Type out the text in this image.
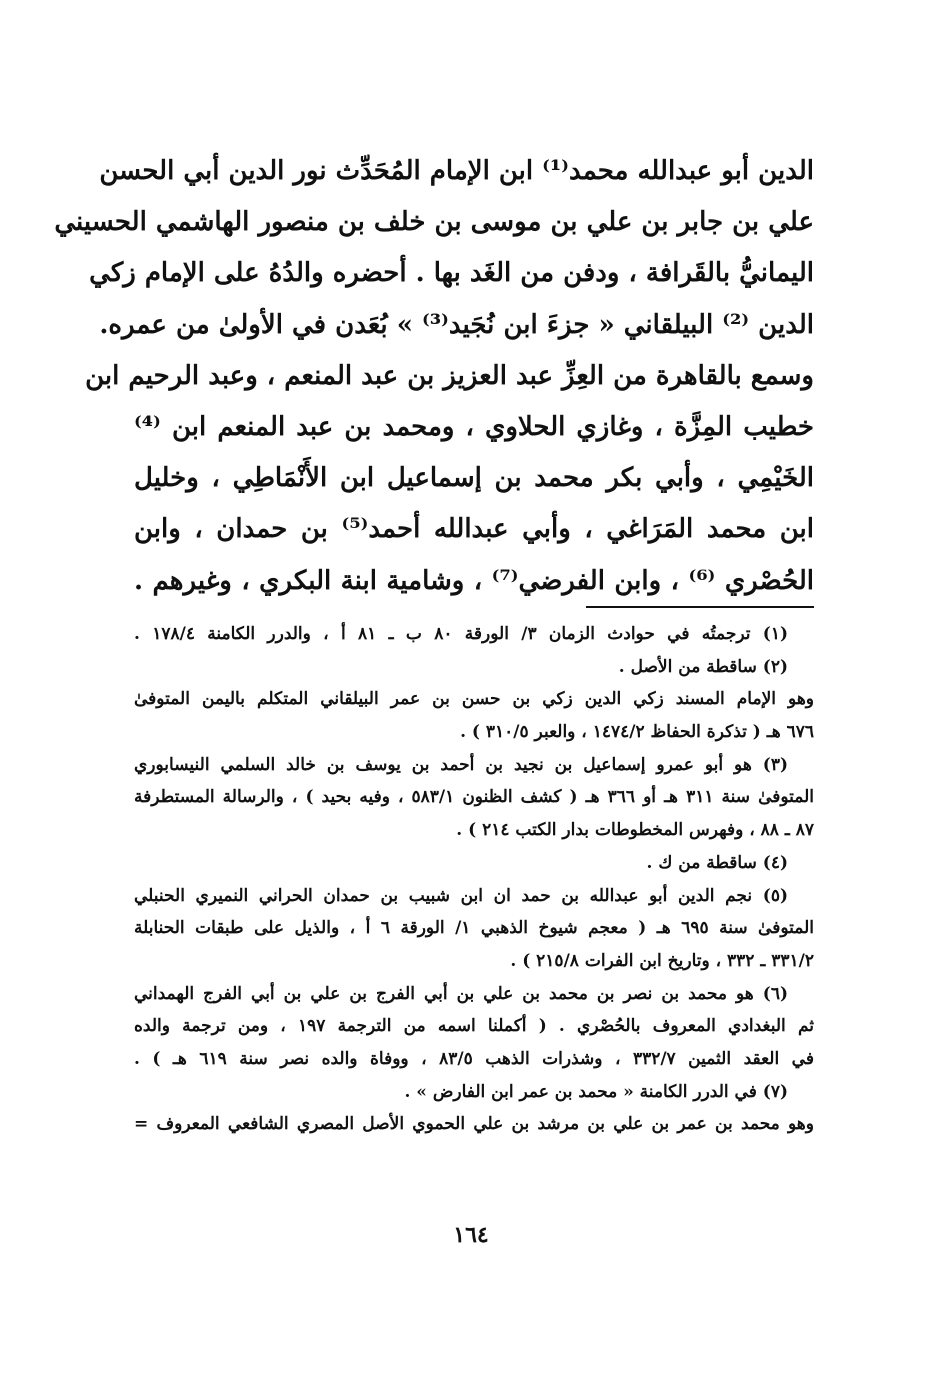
الدين أبو عبدالله محمد⁽¹⁾ ابن الإمام المُحَدِّث نور الدين أبي الحسن
علي بن جابر بن علي بن موسى بن خلف بن منصور الهاشمي الحسيني
اليمانيُّ بالقَرافة ، ودفن من الغَد بها . أحضره والدُهُ على الإمام زكي
الدين ⁽²⁾ البيلقاني « جزءَ ابن نُجَيد⁽³⁾ » بُعَدن في الأولىٰ من عمره.
وسمع بالقاهرة من العِزِّ عبد العزيز بن عبد المنعم ، وعبد الرحيم ابن
خطيب المِزَّة ، وغازي الحلاوي ، ومحمد بن عبد المنعم ابن ⁽⁴⁾
الخَيْمِي ، وأبي بكر محمد بن إسماعيل ابن الأَنْمَاطِي ، وخليل
ابن محمد المَرَاغي ، وأبي عبدالله أحمد⁽⁵⁾ بن حمدان ، وابن
الحُصْري ⁽⁶⁾ ، وابن الفرضي⁽⁷⁾ ، وشامية ابنة البكري ، وغيرهم .
(١) ترجمتُه في حوادث الزمان ٣/ الورقة ٨٠ ب ـ ٨١ أ ، والدرر الكامنة ١٧٨/٤ .
(٢) ساقطة من الأصل .
وهو الإمام المسند زكي الدين زكي بن حسن بن عمر البيلقاني المتكلم باليمن المتوفىٰ
٦٧٦ هـ ( تذكرة الحفاظ ١٤٧٤/٢ ، والعبر ٣١٠/٥ ) .
(٣) هو أبو عمرو إسماعيل بن نجيد بن أحمد بن يوسف بن خالد السلمي النيسابوري
المتوفىٰ سنة ٣١١ هـ أو ٣٦٦ هـ ( كشف الظنون ٥٨٣/١ ، وفيه بحيد ) ، والرسالة المستطرفة
٨٧ ـ ٨٨ ، وفهرس المخطوطات بدار الكتب ٢١٤ ) .
(٤) ساقطة من ك .
(٥) نجم الدين أبو عبدالله بن حمد ان ابن شبيب بن حمدان الحراني النميري الحنبلي
المتوفىٰ سنة ٦٩٥ هـ ( معجم شيوخ الذهبي ١/ الورقة ٦ أ ، والذيل على طبقات الحنابلة
٣٣١/٢ ـ ٣٣٢ ، وتاريخ ابن الفرات ٢١٥/٨ ) .
(٦) هو محمد بن نصر بن محمد بن علي بن أبي الفرج بن علي بن أبي الفرج الهمداني
ثم البغدادي المعروف بالحُصْري . ( أكملنا اسمه من الترجمة ١٩٧ ، ومن ترجمة والده
في العقد الثمين ٣٣٢/٧ ، وشذرات الذهب ٨٣/٥ ، ووفاة والده نصر سنة ٦١٩ هـ ) .
(٧) في الدرر الكامنة « محمد بن عمر ابن الفارض » .
وهو محمد بن عمر بن علي بن مرشد بن علي الحموي الأصل المصري الشافعي المعروف =
١٦٤
